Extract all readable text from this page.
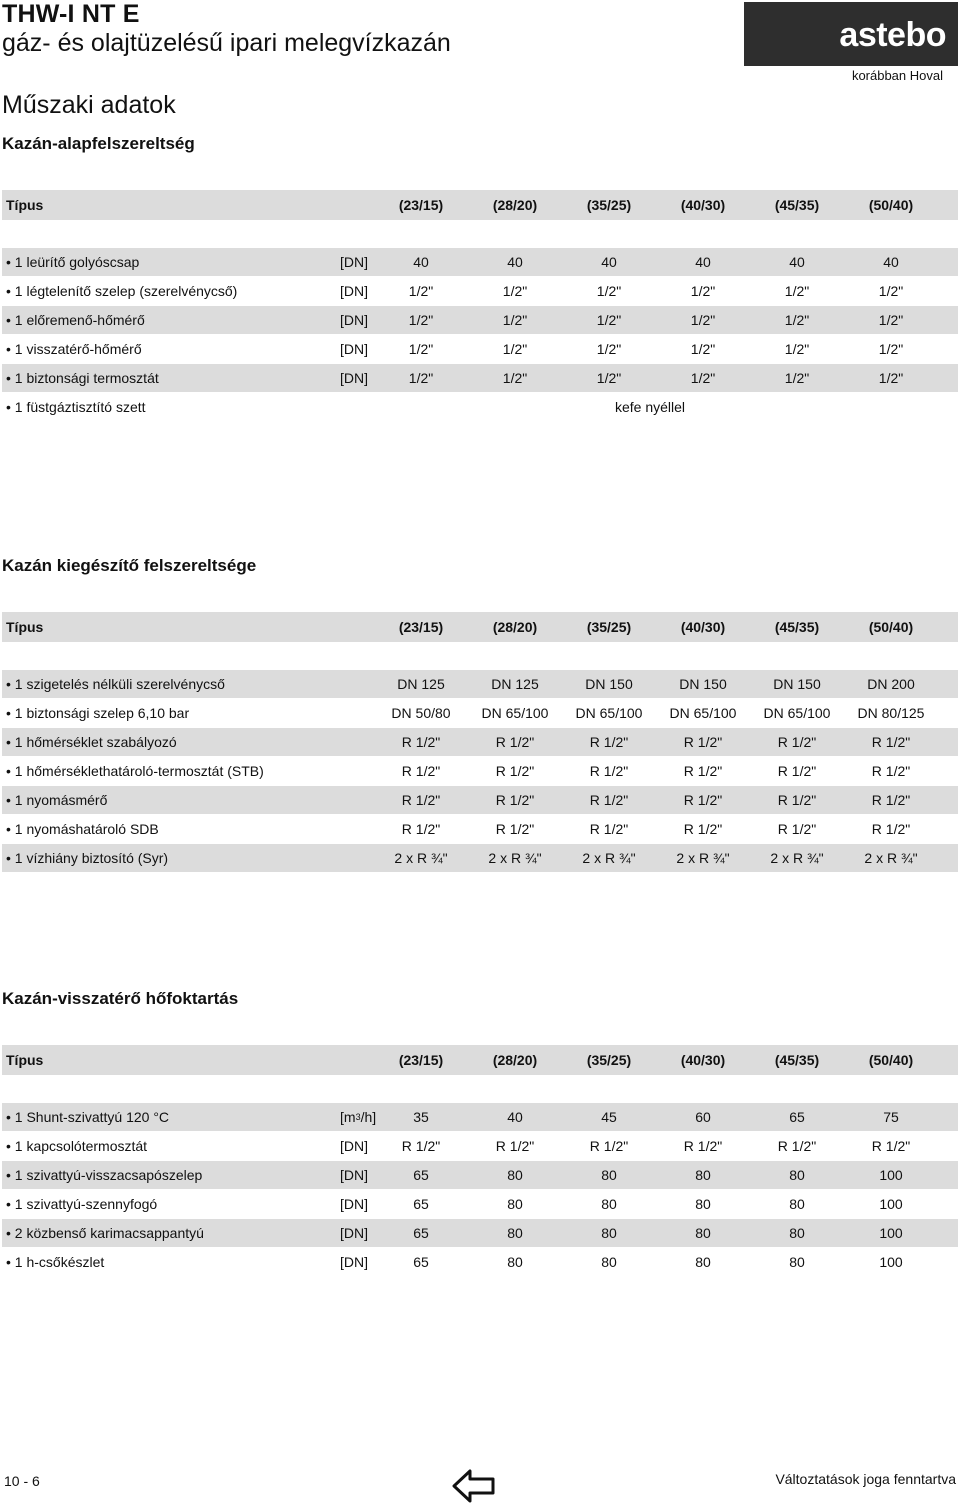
THW-I NT E
gáz- és olajtüzelésű ipari melegvízkazán
Műszaki adatok
astebo
korábban Hoval
Kazán-alapfelszereltség
Típus	(23/15)	(28/20)	(35/25)	(40/30)	(45/35)	(50/40)
• 1 leürítő golyóscsap	[DN]	40	40	40	40	40	40
• 1 légtelenítő szelep (szerelvénycső)	[DN]	1/2"	1/2"	1/2"	1/2"	1/2"	1/2"
• 1 előremenő-hőmérő	[DN]	1/2"	1/2"	1/2"	1/2"	1/2"	1/2"
• 1 visszatérő-hőmérő	[DN]	1/2"	1/2"	1/2"	1/2"	1/2"	1/2"
• 1 biztonsági termosztát	[DN]	1/2"	1/2"	1/2"	1/2"	1/2"	1/2"
• 1 füstgáztisztító szett	kefe nyéllel
Kazán kiegészítő felszereltsége
Típus	(23/15)	(28/20)	(35/25)	(40/30)	(45/35)	(50/40)
• 1 szigetelés nélküli szerelvénycső	DN 125	DN 125	DN 150	DN 150	DN 150	DN 200
• 1 biztonsági szelep 6,10 bar	DN 50/80	DN 65/100	DN 65/100	DN 65/100	DN 65/100	DN 80/125
• 1 hőmérséklet szabályozó	R 1/2"	R 1/2"	R 1/2"	R 1/2"	R 1/2"	R 1/2"
• 1 hőmérséklethatároló-termosztát (STB)	R 1/2"	R 1/2"	R 1/2"	R 1/2"	R 1/2"	R 1/2"
• 1 nyomásmérő	R 1/2"	R 1/2"	R 1/2"	R 1/2"	R 1/2"	R 1/2"
• 1 nyomáshatároló SDB	R 1/2"	R 1/2"	R 1/2"	R 1/2"	R 1/2"	R 1/2"
• 1 vízhiány biztosító (Syr)	2 x R ¾"	2 x R ¾"	2 x R ¾"	2 x R ¾"	2 x R ¾"	2 x R ¾"
Kazán-visszatérő hőfoktartás
Típus	(23/15)	(28/20)	(35/25)	(40/30)	(45/35)	(50/40)
• 1 Shunt-szivattyú 120 °C	[m 3 /h]	35	40	45	60	65	75
• 1 kapcsolótermosztát	[DN]	R 1/2"	R 1/2"	R 1/2"	R 1/2"	R 1/2"	R 1/2"
• 1 szivattyú-visszacsapószelep	[DN]	65	80	80	80	80	100
• 1 szivattyú-szennyfogó	[DN]	65	80	80	80	80	100
• 2 közbenső karimacsappantyú	[DN]	65	80	80	80	80	100
• 1 h-csőkészlet	[DN]	65	80	80	80	80	100
10 - 6	Változtatások joga fenntartva
